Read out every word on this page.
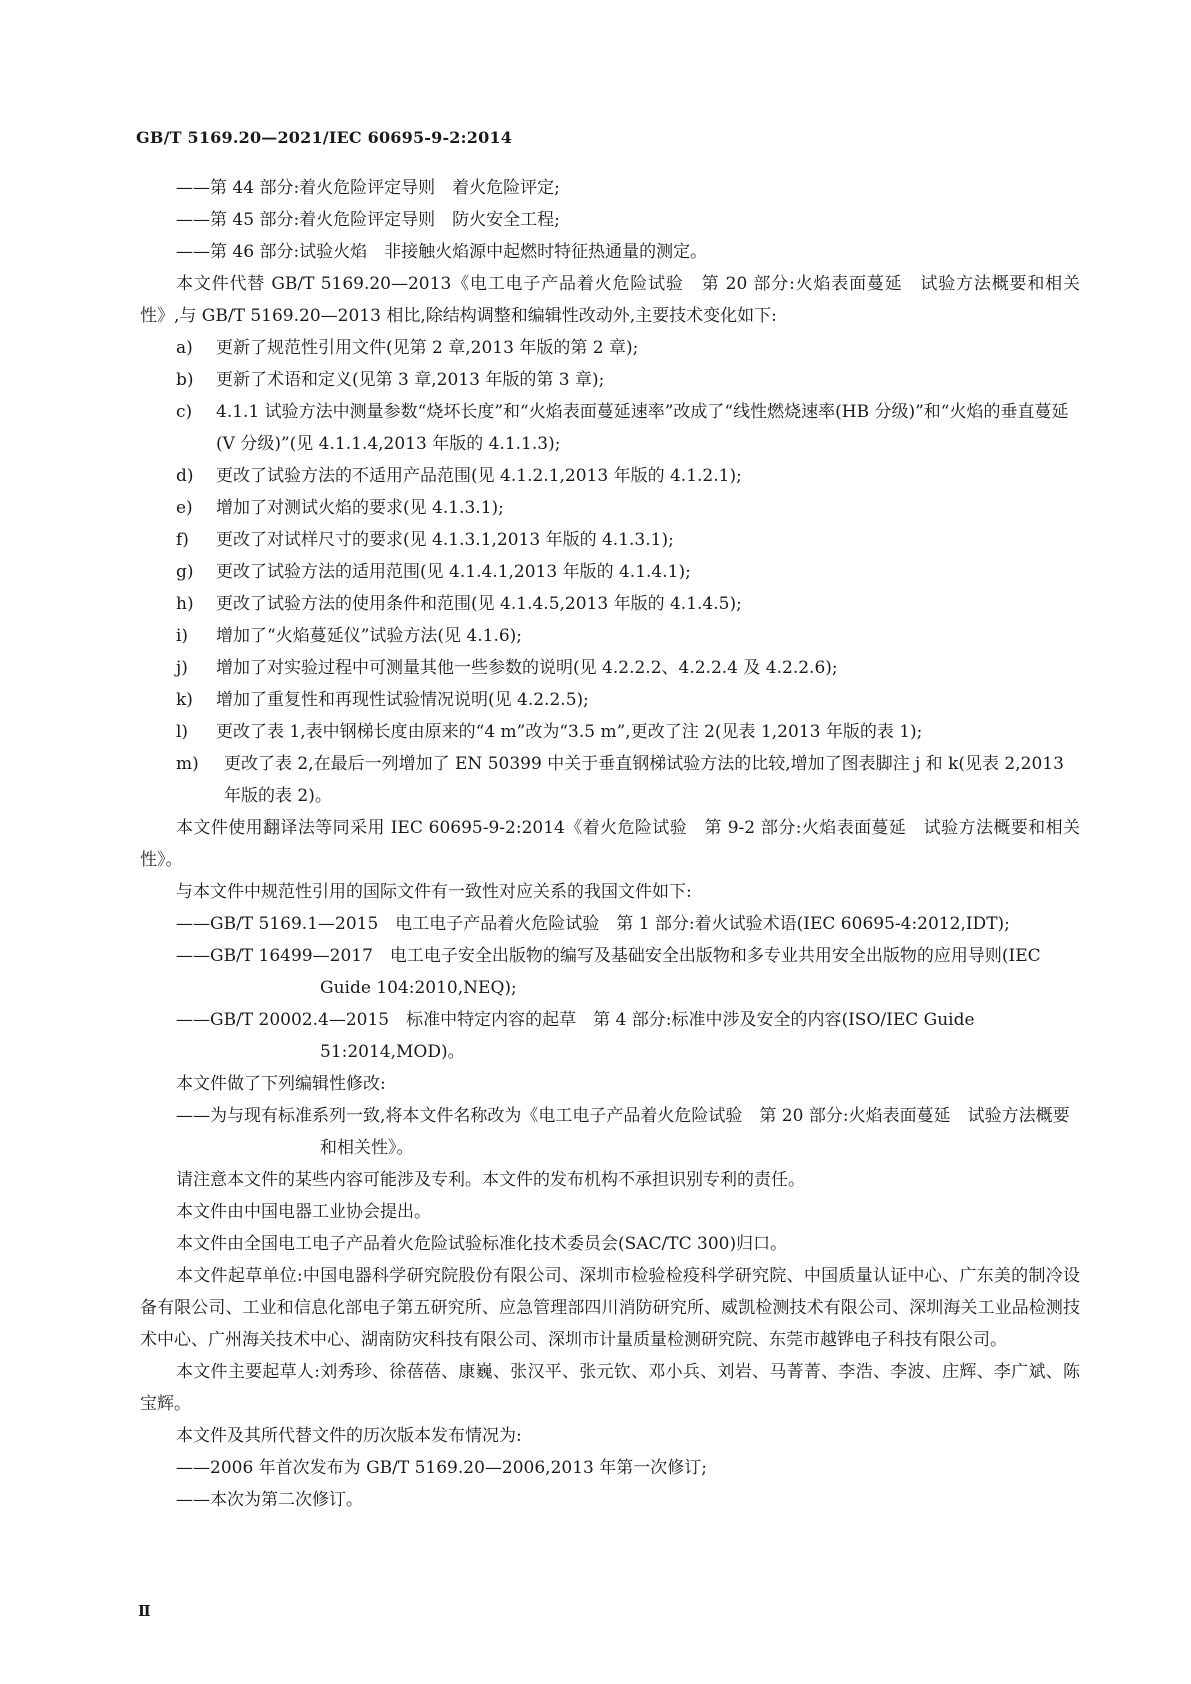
GB/T 5169.20—2021/IEC 60695-9-2:2014
——第 44 部分:着火危险评定导则　着火危险评定;
——第 45 部分:着火危险评定导则　防火安全工程;
——第 46 部分:试验火焰　非接触火焰源中起燃时特征热通量的测定。

本文件代替 GB/T 5169.20—2013《电工电子产品着火危险试验　第 20 部分:火焰表面蔓延　试验方法概要和相关性》,与 GB/T 5169.20—2013 相比,除结构调整和编辑性改动外,主要技术变化如下:

a)	更新了规范性引用文件(见第 2 章,2013 年版的第 2 章);
b)	更新了术语和定义(见第 3 章,2013 年版的第 3 章);
c)	4.1.1 试验方法中测量参数“烧坏长度”和“火焰表面蔓延速率”改成了“线性燃烧速率(HB 分级)”和“火焰的垂直蔓延(V 分级)”(见 4.1.1.4,2013 年版的 4.1.1.3);
d)	更改了试验方法的不适用产品范围(见 4.1.2.1,2013 年版的 4.1.2.1);
e)	增加了对测试火焰的要求(见 4.1.3.1);
f)	更改了对试样尺寸的要求(见 4.1.3.1,2013 年版的 4.1.3.1);
g)	更改了试验方法的适用范围(见 4.1.4.1,2013 年版的 4.1.4.1);
h)	更改了试验方法的使用条件和范围(见 4.1.4.5,2013 年版的 4.1.4.5);
i)	增加了“火焰蔓延仪”试验方法(见 4.1.6);
j)	增加了对实验过程中可测量其他一些参数的说明(见 4.2.2.2、4.2.2.4 及 4.2.2.6);
k)	增加了重复性和再现性试验情况说明(见 4.2.2.5);
l)	更改了表 1,表中钢梯长度由原来的“4 m”改为“3.5 m”,更改了注 2(见表 1,2013 年版的表 1);
m)	更改了表 2,在最后一列增加了 EN 50399 中关于垂直钢梯试验方法的比较,增加了图表脚注 j 和 k(见表 2,2013 年版的表 2)。

本文件使用翻译法等同采用 IEC 60695-9-2:2014《着火危险试验　第 9-2 部分:火焰表面蔓延　试验方法概要和相关性》。

与本文件中规范性引用的国际文件有一致性对应关系的我国文件如下:

——GB/T 5169.1—2015　电工电子产品着火危险试验　第 1 部分:着火试验术语(IEC 60695-4:2012,IDT);
——GB/T 16499—2017　电工电子安全出版物的编写及基础安全出版物和多专业共用安全出版物的应用导则(IEC Guide 104:2010,NEQ);
——GB/T 20002.4—2015　标准中特定内容的起草　第 4 部分:标准中涉及安全的内容(ISO/IEC Guide 51:2014,MOD)。

本文件做了下列编辑性修改:

——为与现有标准系列一致,将本文件名称改为《电工电子产品着火危险试验　第 20 部分:火焰表面蔓延　试验方法概要和相关性》。

请注意本文件的某些内容可能涉及专利。本文件的发布机构不承担识别专利的责任。

本文件由中国电器工业协会提出。

本文件由全国电工电子产品着火危险试验标准化技术委员会(SAC/TC 300)归口。

本文件起草单位:中国电器科学研究院股份有限公司、深圳市检验检疫科学研究院、中国质量认证中心、广东美的制冷设备有限公司、工业和信息化部电子第五研究所、应急管理部四川消防研究所、威凯检测技术有限公司、深圳海关工业品检测技术中心、广州海关技术中心、湖南防灾科技有限公司、深圳市计量质量检测研究院、东莞市越铧电子科技有限公司。

本文件主要起草人:刘秀珍、徐蓓蓓、康巍、张汉平、张元钦、邓小兵、刘岩、马菁菁、李浩、李波、庄辉、李广斌、陈宝辉。

本文件及其所代替文件的历次版本发布情况为:

——2006 年首次发布为 GB/T 5169.20—2006,2013 年第一次修订;
——本次为第二次修订。
Ⅱ
